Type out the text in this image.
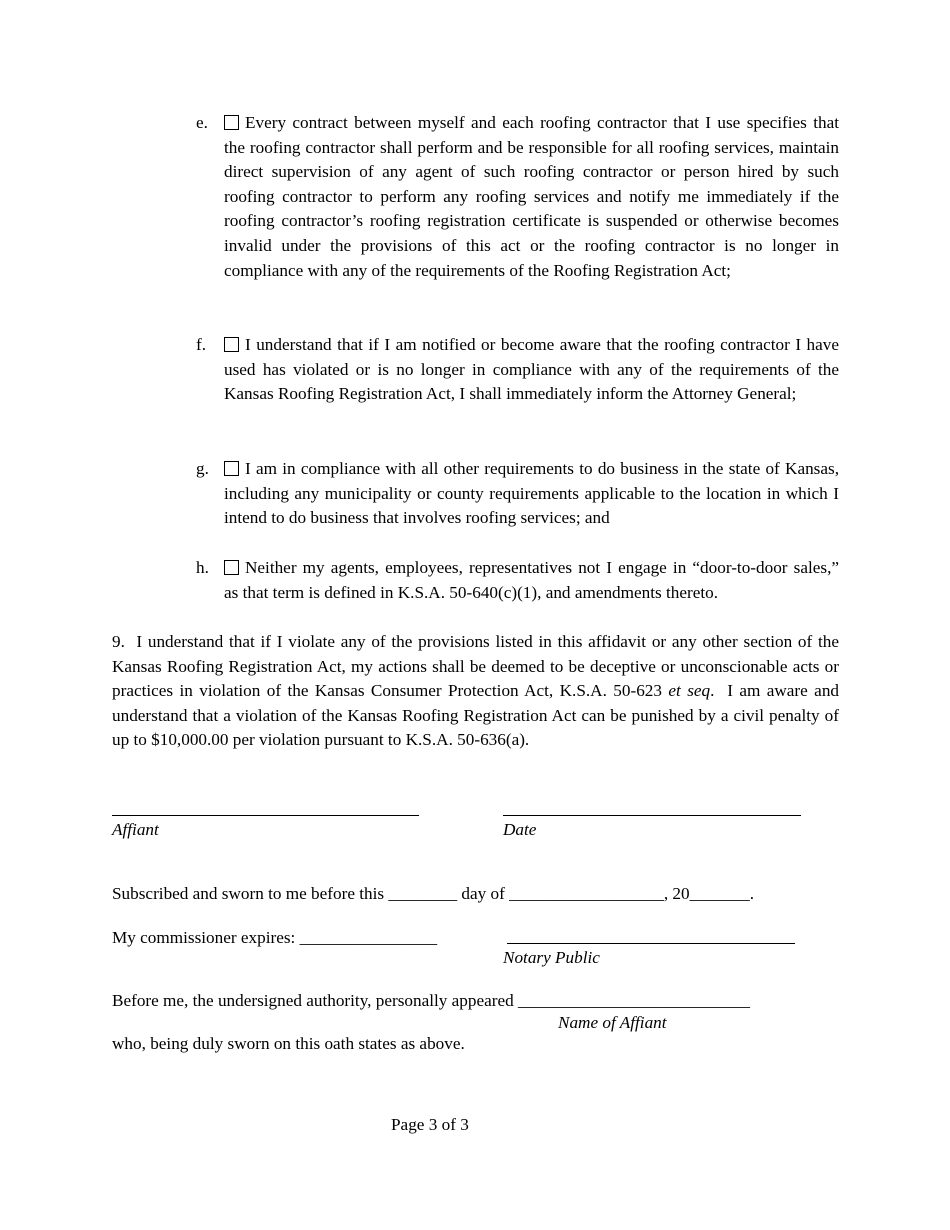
e.	Every contract between myself and each roofing contractor that I use specifies that the roofing contractor shall perform and be responsible for all roofing services, maintain direct supervision of any agent of such roofing contractor or person hired by such roofing contractor to perform any roofing services and notify me immediately if the roofing contractor’s roofing registration certificate is suspended or otherwise becomes invalid under the provisions of this act or the roofing contractor is no longer in compliance with any of the requirements of the Roofing Registration Act;
f.	I understand that if I am notified or become aware that the roofing contractor I have used has violated or is no longer in compliance with any of the requirements of the Kansas Roofing Registration Act, I shall immediately inform the Attorney General;
g.	I am in compliance with all other requirements to do business in the state of Kansas, including any municipality or county requirements applicable to the location in which I intend to do business that involves roofing services; and
h.	Neither my agents, employees, representatives not I engage in “door-to-door sales,” as that term is defined in K.S.A. 50-640(c)(1), and amendments thereto.
9.  I understand that if I violate any of the provisions listed in this affidavit or any other section of the Kansas Roofing Registration Act, my actions shall be deemed to be deceptive or unconscionable acts or practices in violation of the Kansas Consumer Protection Act, K.S.A. 50-623 et seq.  I am aware and understand that a violation of the Kansas Roofing Registration Act can be punished by a civil penalty of up to $10,000.00 per violation pursuant to K.S.A. 50-636(a).
Affiant	Date
Subscribed and sworn to me before this ________ day of __________________, 20_______.
My commissioner expires: ________________
Notary Public
Before me, the undersigned authority, personally appeared ___________________________
Name of Affiant
who, being duly sworn on this oath states as above.
Page 3 of 3
